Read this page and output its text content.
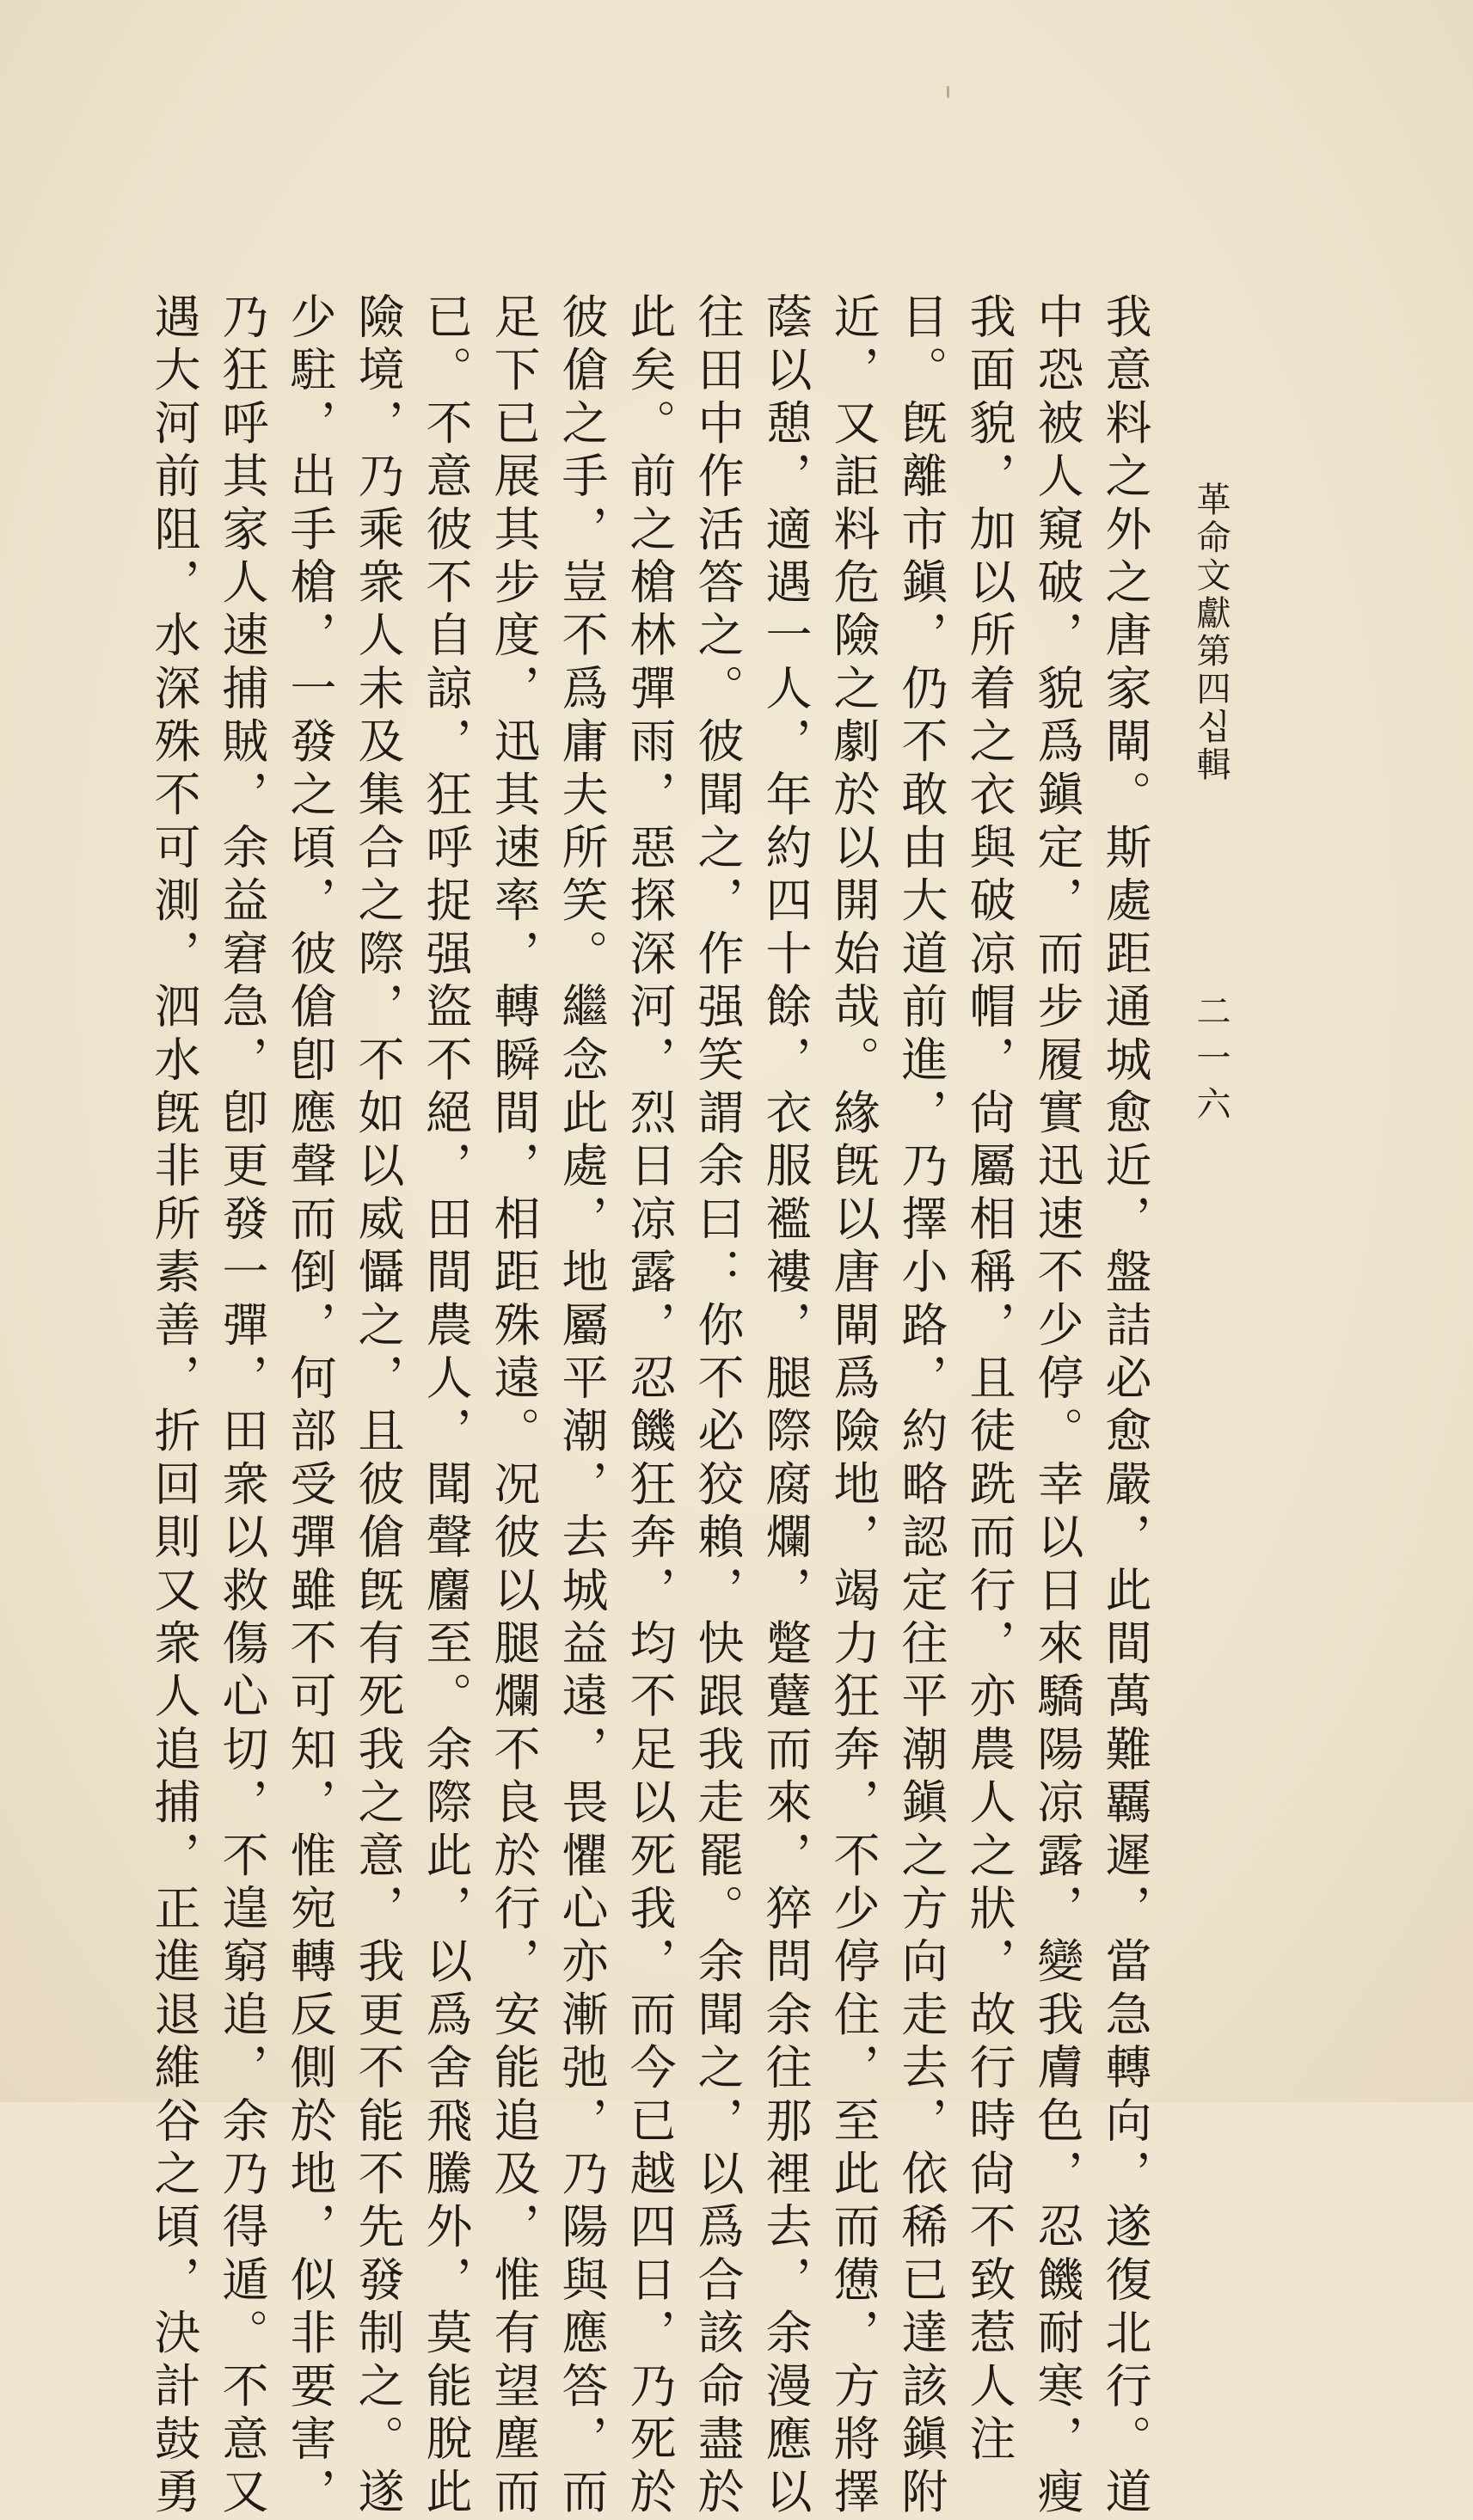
革命文獻第四십輯
二一六
我意料之外之唐家閘。斯處距通城愈近，盤詰必愈嚴，此間萬難覊遲，當急轉向，遂復北行。道
中恐被人窺破，貌爲鎭定，而步履實迅速不少停。幸以日來驕陽凉露，變我膚色，忍饑耐寒，瘦
我面貌，加以所着之衣與破凉帽，尙屬相稱，且徒跣而行，亦農人之狀，故行時尙不致惹人注
目。旣離市鎭，仍不敢由大道前進，乃擇小路，約略認定往平潮鎭之方向走去，依稀已達該鎭附
近，又詎料危險之劇於以開始哉。緣旣以唐閘爲險地，竭力狂奔，不少停住，至此而憊，方將擇
蔭以憩，適遇一人，年約四十餘，衣服襤褸，腿際腐爛，蹩躠而來，猝問余往那裡去，余漫應以
往田中作活答之。彼聞之，作强笑謂余曰：你不必狡賴，快跟我走罷。余聞之，以爲合該命盡於
此矣。前之槍林彈雨，惡探深河，烈日凉露，忍饑狂奔，均不足以死我，而今已越四日，乃死於
彼傖之手，豈不爲庸夫所笑。繼念此處，地屬平潮，去城益遠，畏懼心亦漸弛，乃陽與應答，而
足下已展其步度，迅其速率，轉瞬間，相距殊遠。况彼以腿爛不良於行，安能追及，惟有望塵而
已。不意彼不自諒，狂呼捉强盜不絕，田間農人，聞聲麕至。余際此，以爲舍飛騰外，莫能脫此
險境，乃乘衆人未及集合之際，不如以威懾之，且彼傖旣有死我之意，我更不能不先發制之。遂
少駐，出手槍，一發之頃，彼傖卽應聲而倒，何部受彈雖不可知，惟宛轉反側於地，似非要害，
乃狂呼其家人速捕賊，余益窘急，卽更發一彈，田衆以救傷心切，不遑窮追，余乃得遁。不意又
遇大河前阻，水深殊不可測，泗水旣非所素善，折回則又衆人追捕，正進退維谷之頃，決計鼓勇
